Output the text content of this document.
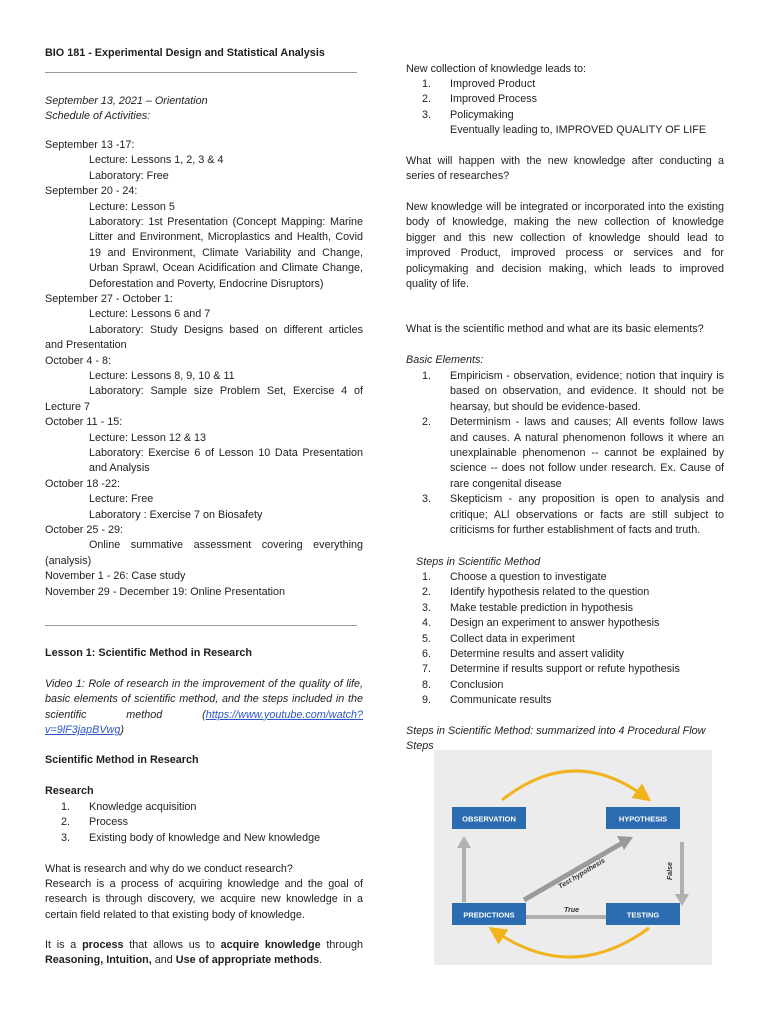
BIO 181 - Experimental Design and Statistical Analysis
September 13, 2021 – Orientation
Schedule of Activities:
September 13 -17:
Lecture: Lessons 1, 2, 3 & 4
Laboratory: Free
September 20 - 24:
Lecture: Lesson 5
Laboratory: 1st Presentation (Concept Mapping: Marine Litter and Environment, Microplastics and Health, Covid 19 and Environment, Climate Variability and Change, Urban Sprawl, Ocean Acidification and Climate Change, Deforestation and Poverty, Endocrine Disruptors)
September 27 - October 1:
Lecture: Lessons 6 and 7
Laboratory: Study Designs based on different articles and Presentation
October 4 - 8:
Lecture: Lessons 8, 9, 10 & 11
Laboratory: Sample size Problem Set, Exercise 4 of Lecture 7
October 11 - 15:
Lecture: Lesson 12 & 13
Laboratory: Exercise 6 of Lesson 10 Data Presentation and Analysis
October 18 -22:
Lecture: Free
Laboratory : Exercise 7 on Biosafety
October 25 - 29:
Online summative assessment covering everything (analysis)
November 1 - 26: Case study
November 29 - December 19: Online Presentation
Lesson 1: Scientific Method in Research
Video 1: Role of research in the improvement of the quality of life, basic elements of scientific method, and the steps included in the scientific method (https://www.youtube.com/watch?v=9lF3japBVwg)
Scientific Method in Research
Research
1. Knowledge acquisition
2. Process
3. Existing body of knowledge and New knowledge
What is research and why do we conduct research?
Research is a process of acquiring knowledge and the goal of research is through discovery, we acquire new knowledge in a certain field related to that existing body of knowledge.
It is a process that allows us to acquire knowledge through
Reasoning, Intuition, and Use of appropriate methods.
New collection of knowledge leads to:
1. Improved Product
2. Improved Process
3. Policymaking
Eventually leading to, IMPROVED QUALITY OF LIFE
What will happen with the new knowledge after conducting a series of researches?
New knowledge will be integrated or incorporated into the existing body of knowledge, making the new collection of knowledge bigger and this new collection of knowledge should lead to improved Product, improved process or services and for policymaking and decision making, which leads to improved quality of life.
What is the scientific method and what are its basic elements?
Basic Elements:
1. Empiricism - observation, evidence; notion that inquiry is based on observation, and evidence. It should not be hearsay, but should be evidence-based.
2. Determinism - laws and causes; All events follow laws and causes. A natural phenomenon follows it where an unexplainable phenomenon -- cannot be explained by science -- does not follow under research. Ex. Cause of rare congenital disease
3. Skepticism - any proposition is open to analysis and critique; ALl observations or facts are still subject to criticisms for further establishment of facts and truth.
Steps in Scientific Method
1. Choose a question to investigate
2. Identify hypothesis related to the question
3. Make testable prediction in hypothesis
4. Design an experiment to answer hypothesis
5. Collect data in experiment
6. Determine results and assert validity
7. Determine if results support or refute hypothesis
8. Conclusion
9. Communicate results
Steps in Scientific Method: summarized into 4 Procedural Flow Steps
Test hypothesis	False
True
OBSERVATION	HYPOTHESIS
PREDICTIONS	TESTING
